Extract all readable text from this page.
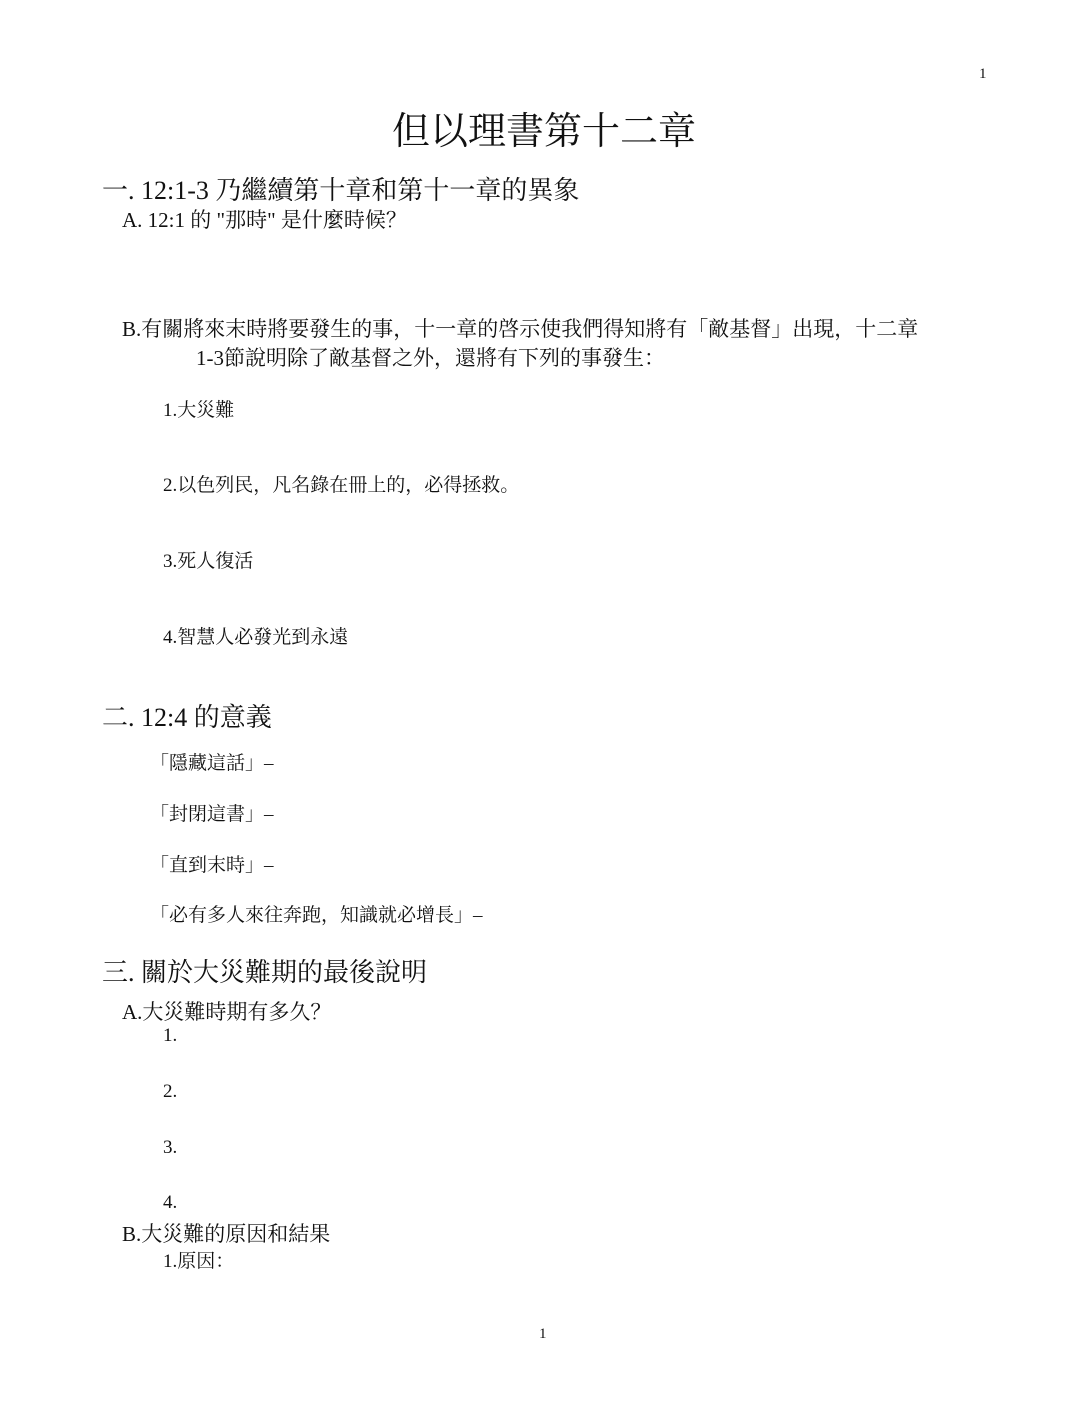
1
但以理書第十二章
一. 12:1-3 乃繼續第十章和第十一章的異象
A. 12:1 的 "那時" 是什麼時候？
B.有關將來末時將要發生的事，十一章的啓示使我們得知將有「敵基督」出現，十二章
1-3節說明除了敵基督之外，還將有下列的事發生：
1.大災難
2.以色列民，凡名錄在冊上的，必得拯救。
3.死人復活
4.智慧人必發光到永遠
二. 12:4 的意義
「隱藏這話」–
「封閉這書」–
「直到末時」–
「必有多人來往奔跑，知識就必增長」–
三. 關於大災難期的最後說明
A.大災難時期有多久？
1.
2.
3.
4.
B.大災難的原因和結果
1.原因：
1
